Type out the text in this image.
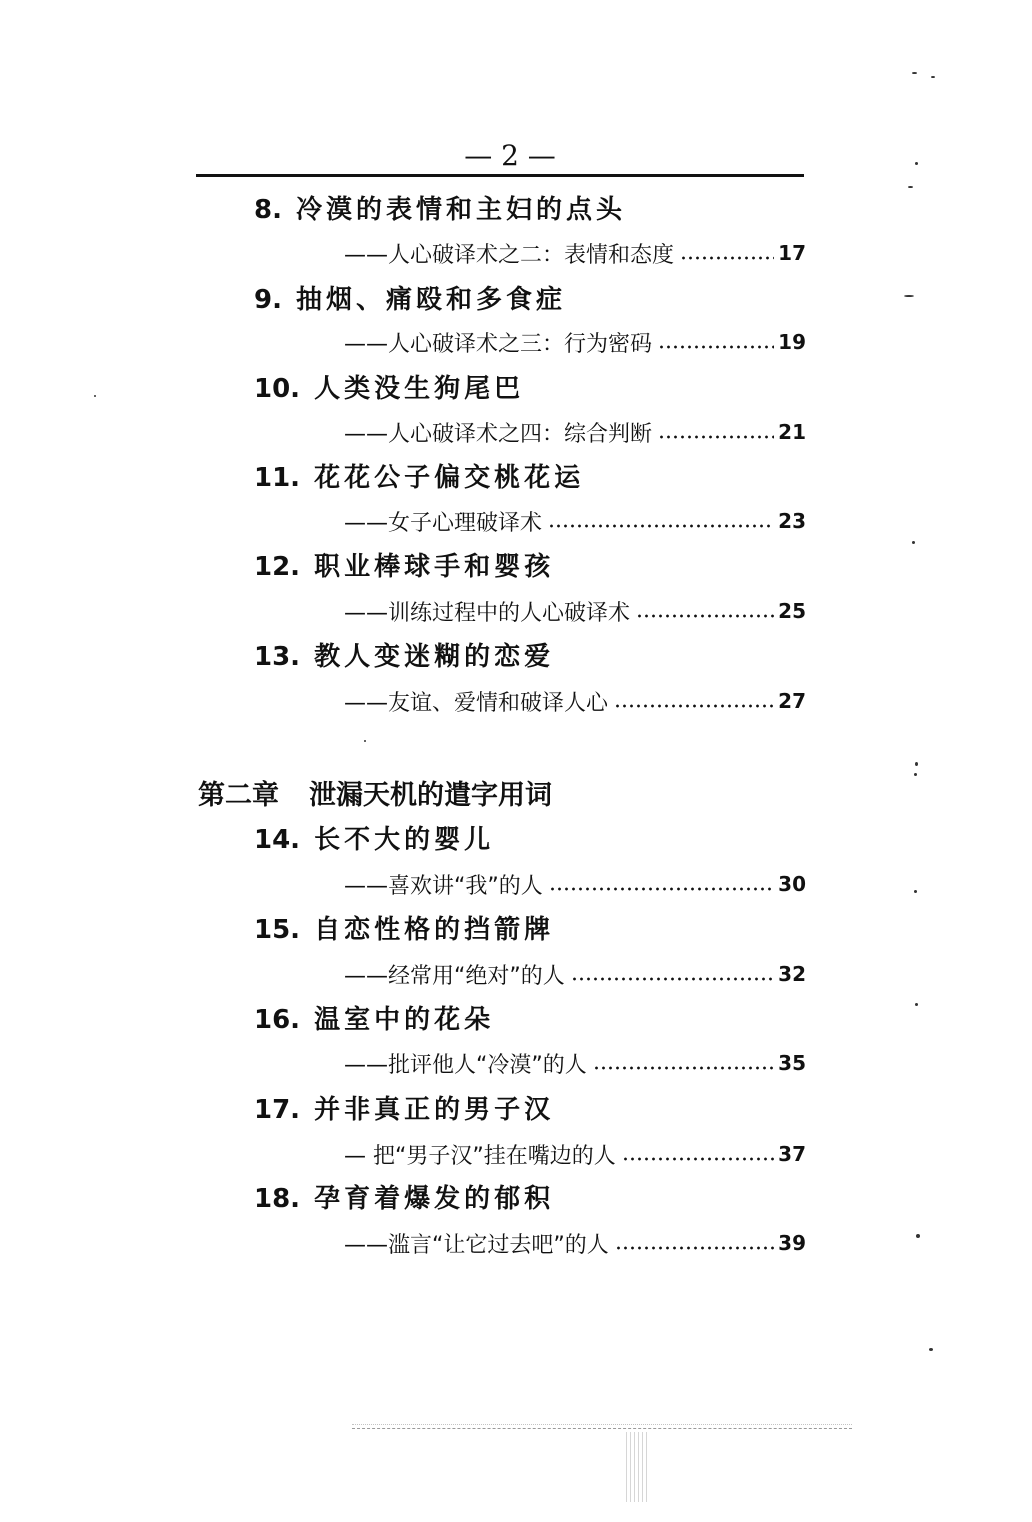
— 2 —
8. 冷漠的表情和主妇的点头
——人心破译术之二：表情和态度	17
9. 抽烟、痛殴和多食症
——人心破译术之三：行为密码	19
10. 人类没生狗尾巴
——人心破译术之四：综合判断	21
11. 花花公子偏交桃花运
——女子心理破译术	23
12. 职业棒球手和婴孩
——训练过程中的人心破译术	25
13. 教人变迷糊的恋爱
——友谊、爱情和破译人心	27
第二章 泄漏天机的遣字用词
14. 长不大的婴儿
——喜欢讲“我”的人	30
15. 自恋性格的挡箭牌
——经常用“绝对”的人	32
16. 温室中的花朵
——批评他人“冷漠”的人	35
17. 并非真正的男子汉
— 把“男子汉”挂在嘴边的人	37
18. 孕育着爆发的郁积
——滥言“让它过去吧”的人	39
